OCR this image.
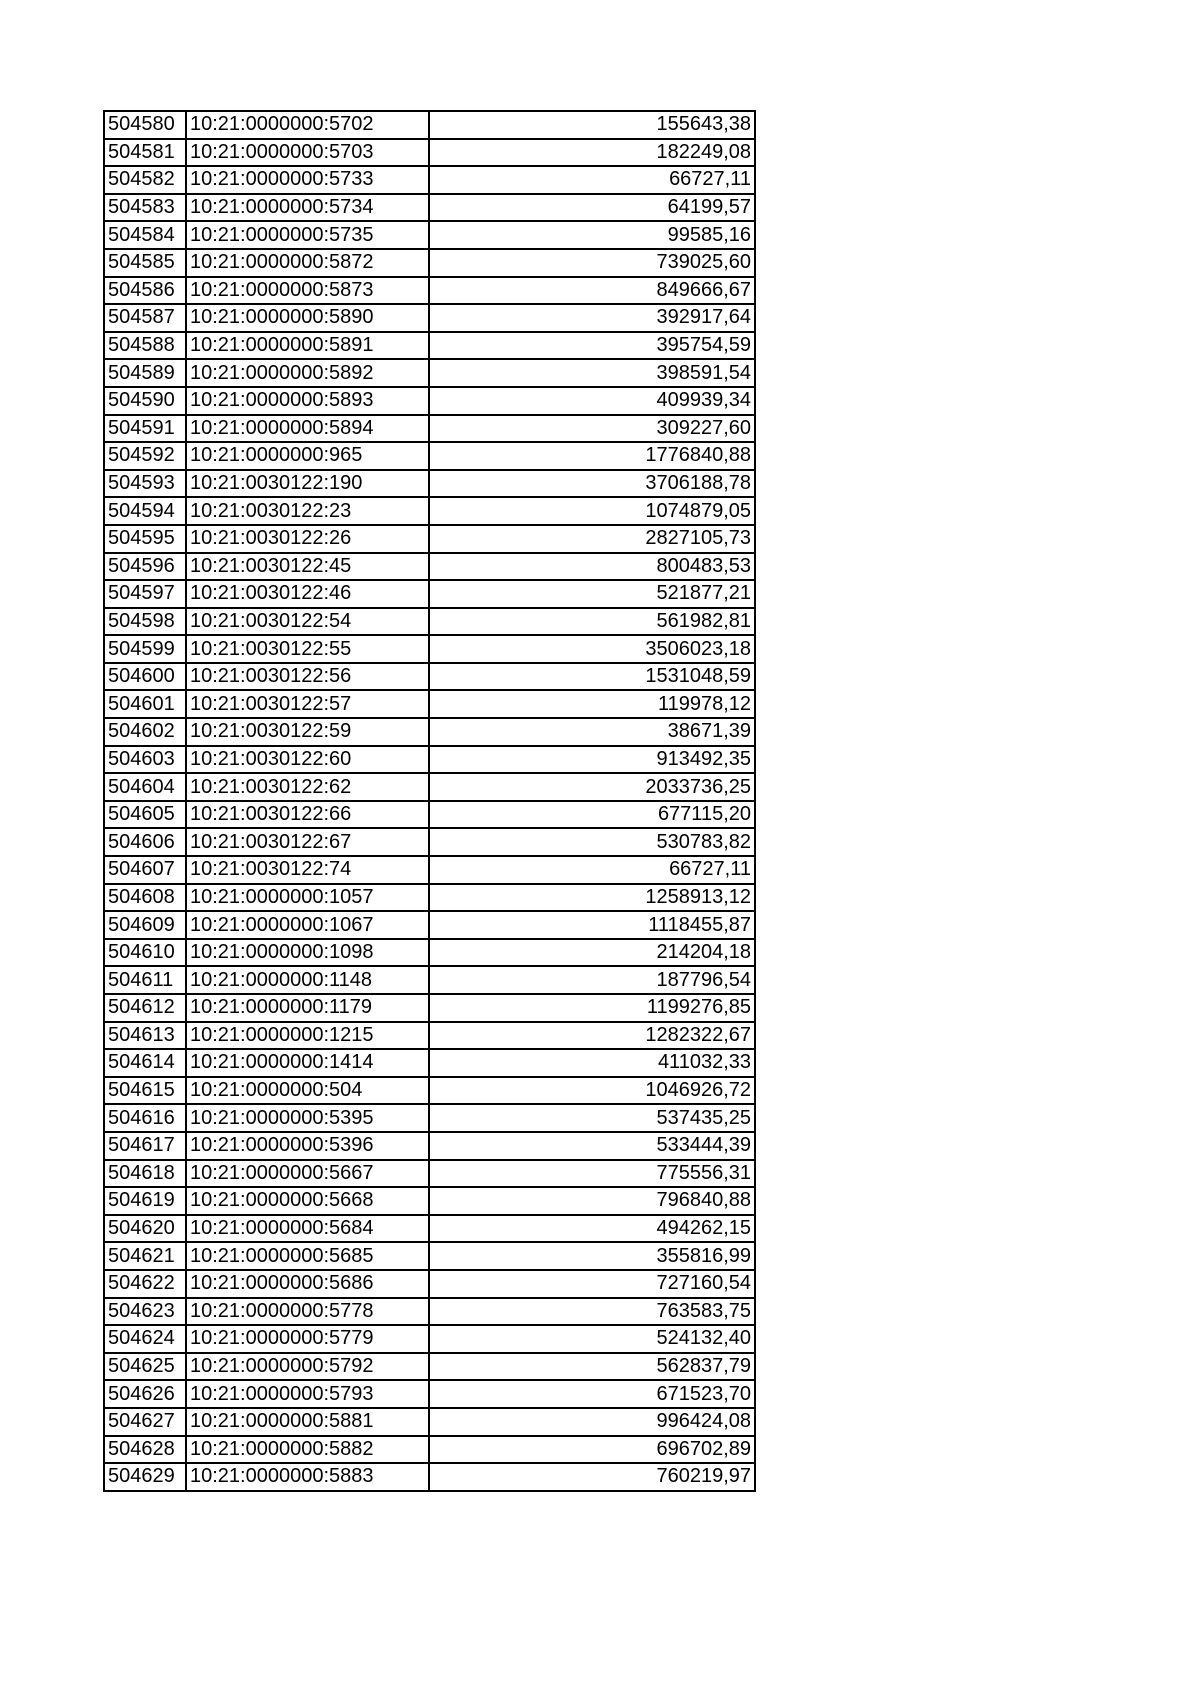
504580	10:21:0000000:5702	155643,38
504581	10:21:0000000:5703	182249,08
504582	10:21:0000000:5733	66727,11
504583	10:21:0000000:5734	64199,57
504584	10:21:0000000:5735	99585,16
504585	10:21:0000000:5872	739025,60
504586	10:21:0000000:5873	849666,67
504587	10:21:0000000:5890	392917,64
504588	10:21:0000000:5891	395754,59
504589	10:21:0000000:5892	398591,54
504590	10:21:0000000:5893	409939,34
504591	10:21:0000000:5894	309227,60
504592	10:21:0000000:965	1776840,88
504593	10:21:0030122:190	3706188,78
504594	10:21:0030122:23	1074879,05
504595	10:21:0030122:26	2827105,73
504596	10:21:0030122:45	800483,53
504597	10:21:0030122:46	521877,21
504598	10:21:0030122:54	561982,81
504599	10:21:0030122:55	3506023,18
504600	10:21:0030122:56	1531048,59
504601	10:21:0030122:57	119978,12
504602	10:21:0030122:59	38671,39
504603	10:21:0030122:60	913492,35
504604	10:21:0030122:62	2033736,25
504605	10:21:0030122:66	677115,20
504606	10:21:0030122:67	530783,82
504607	10:21:0030122:74	66727,11
504608	10:21:0000000:1057	1258913,12
504609	10:21:0000000:1067	1118455,87
504610	10:21:0000000:1098	214204,18
504611	10:21:0000000:1148	187796,54
504612	10:21:0000000:1179	1199276,85
504613	10:21:0000000:1215	1282322,67
504614	10:21:0000000:1414	411032,33
504615	10:21:0000000:504	1046926,72
504616	10:21:0000000:5395	537435,25
504617	10:21:0000000:5396	533444,39
504618	10:21:0000000:5667	775556,31
504619	10:21:0000000:5668	796840,88
504620	10:21:0000000:5684	494262,15
504621	10:21:0000000:5685	355816,99
504622	10:21:0000000:5686	727160,54
504623	10:21:0000000:5778	763583,75
504624	10:21:0000000:5779	524132,40
504625	10:21:0000000:5792	562837,79
504626	10:21:0000000:5793	671523,70
504627	10:21:0000000:5881	996424,08
504628	10:21:0000000:5882	696702,89
504629	10:21:0000000:5883	760219,97
